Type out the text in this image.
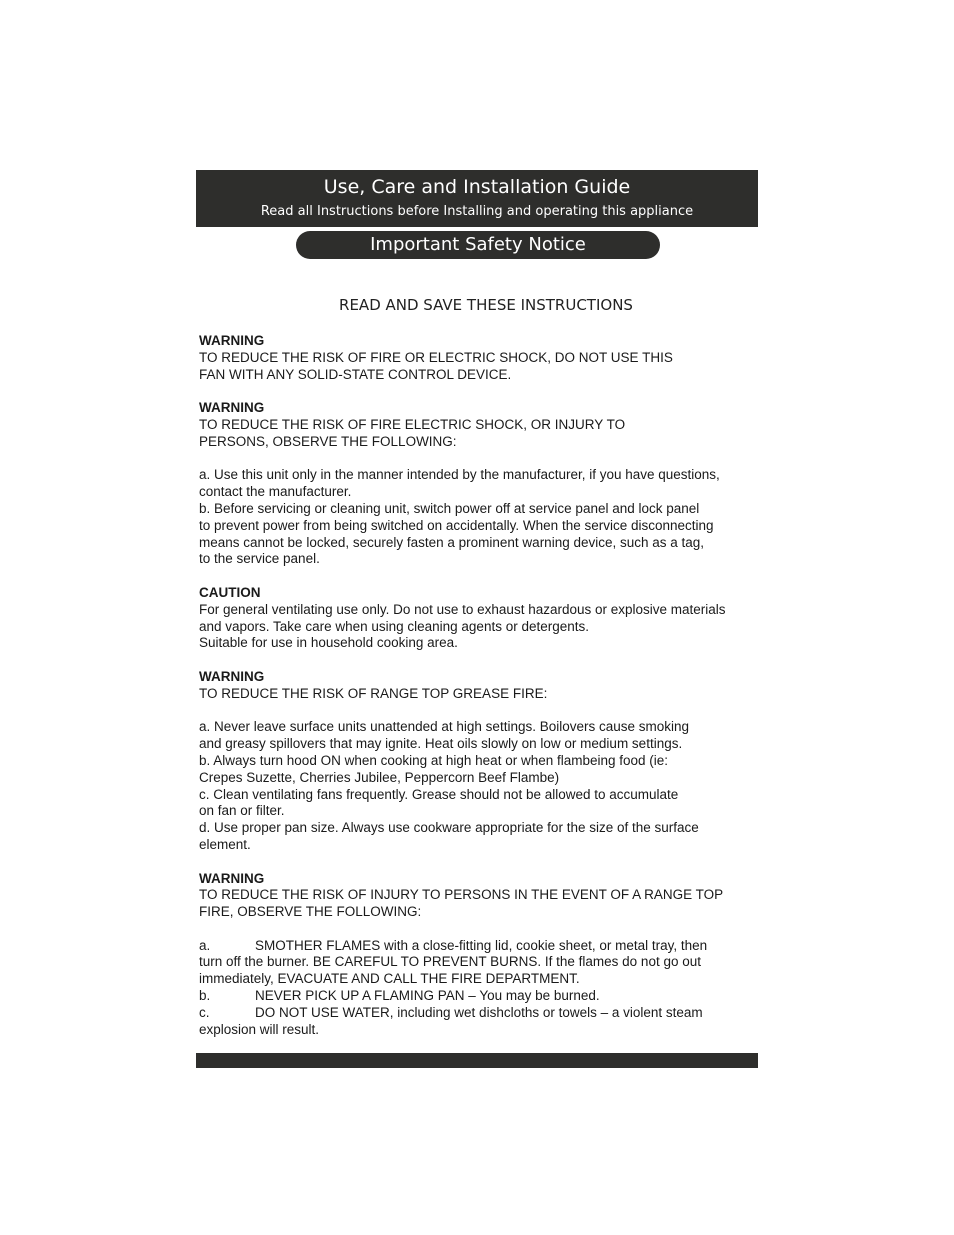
Use, Care and Installation Guide
Read all Instructions before Installing and operating this appliance
Important Safety Notice
READ AND SAVE THESE INSTRUCTIONS
WARNING
TO REDUCE THE RISK OF FIRE OR ELECTRIC SHOCK, DO NOT USE THIS
FAN WITH ANY SOLID-STATE CONTROL DEVICE.
WARNING
TO REDUCE THE RISK OF FIRE ELECTRIC SHOCK, OR INJURY TO
PERSONS, OBSERVE THE FOLLOWING:
a. Use this unit only in the manner intended by the manufacturer, if you have questions,
contact the manufacturer.
b. Before servicing or cleaning unit, switch power off at service panel and lock panel
to prevent power from being switched on accidentally. When the service disconnecting
means cannot be locked, securely fasten a prominent warning device, such as a tag,
to the service panel.
CAUTION
For general ventilating use only. Do not use to exhaust hazardous or explosive materials
and vapors. Take care when using cleaning agents or detergents.
Suitable for use in household cooking area.
WARNING
TO REDUCE THE RISK OF RANGE TOP GREASE FIRE:
a. Never leave surface units unattended at high settings. Boilovers cause smoking
and greasy spillovers that may ignite. Heat oils slowly on low or medium settings.
b. Always turn hood ON when cooking at high heat or when flambeing food (ie:
Crepes Suzette, Cherries Jubilee, Peppercorn Beef Flambe)
c. Clean ventilating fans frequently. Grease should not be allowed to accumulate
on fan or filter.
d. Use proper pan size. Always use cookware appropriate for the size of the surface
element.
WARNING
TO REDUCE THE RISK OF INJURY TO PERSONS IN THE EVENT OF A RANGE TOP
FIRE, OBSERVE THE FOLLOWING:
a.	SMOTHER FLAMES with a close-fitting lid, cookie sheet, or metal tray, then
turn off the burner. BE CAREFUL TO PREVENT BURNS. If the flames do not go out
immediately, EVACUATE AND CALL THE FIRE DEPARTMENT.
b.	NEVER PICK UP A FLAMING PAN – You may be burned.
c.	DO NOT USE WATER, including wet dishcloths or towels – a violent steam
explosion will result.
